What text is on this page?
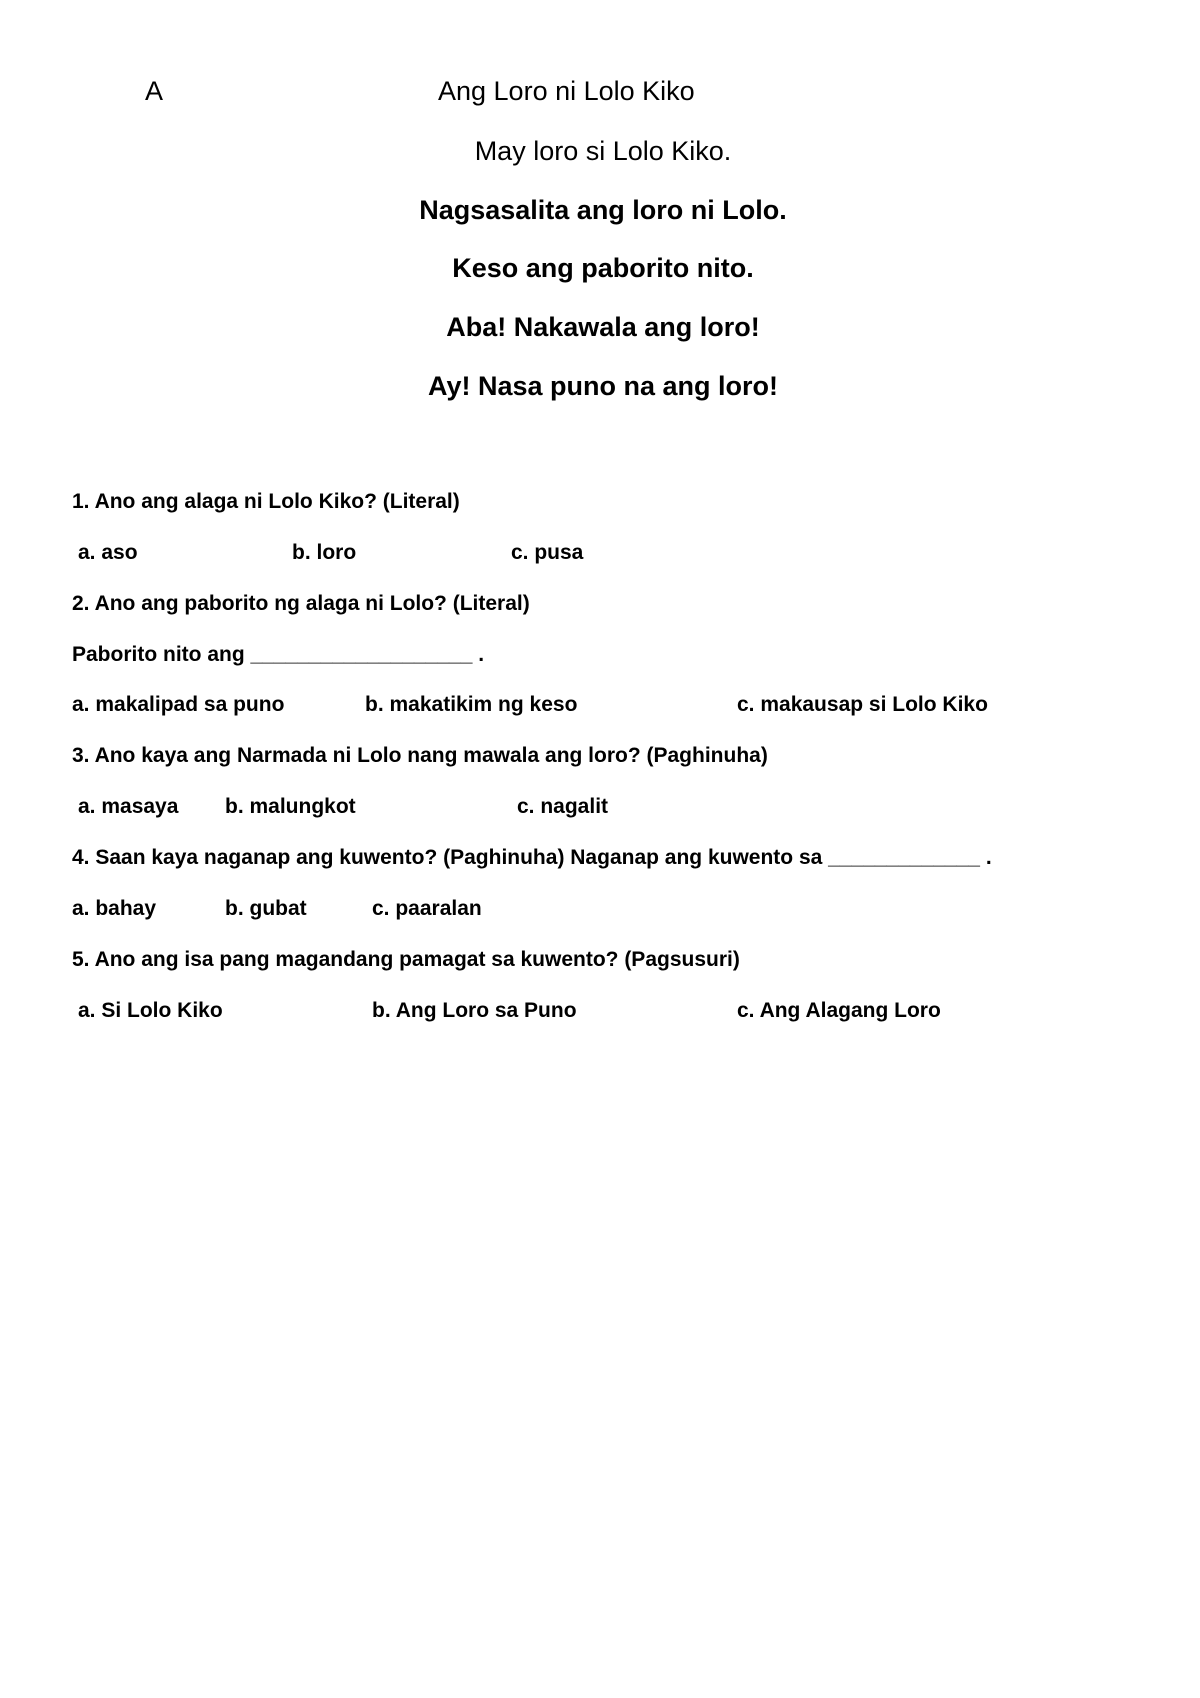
A	Ang Loro ni Lolo Kiko
May loro si Lolo Kiko.
Nagsasalita ang loro ni Lolo.
Keso ang paborito nito.
Aba! Nakawala ang loro!
Ay! Nasa puno na ang loro!
1. Ano ang alaga ni Lolo Kiko? (Literal)
a. aso	b. loro	c. pusa
2. Ano ang paborito ng alaga ni Lolo? (Literal)
Paborito nito ang ___________________ .
a. makalipad sa puno	b. makatikim ng keso	c. makausap si Lolo Kiko
3. Ano kaya ang Narmada ni Lolo nang mawala ang loro? (Paghinuha)
a. masaya b. malungkot	c. nagalit
4. Saan kaya naganap ang kuwento? (Paghinuha) Naganap ang kuwento sa _____________ .
a. bahay	b. gubat	c. paaralan
5. Ano ang isa pang magandang pamagat sa kuwento? (Pagsusuri)
a. Si Lolo Kiko	b. Ang Loro sa Puno	c. Ang Alagang Loro
